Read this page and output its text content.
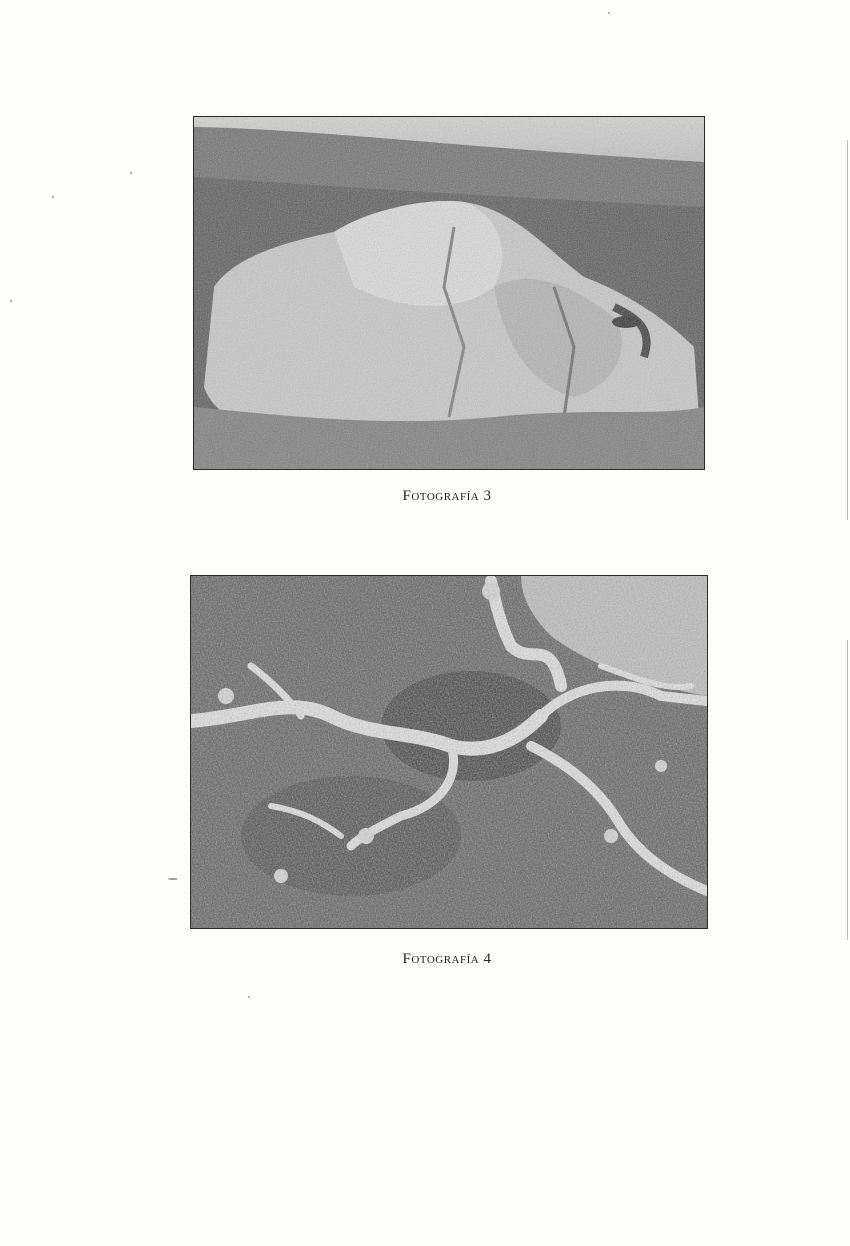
Fotografía 3
Fotografía 4
